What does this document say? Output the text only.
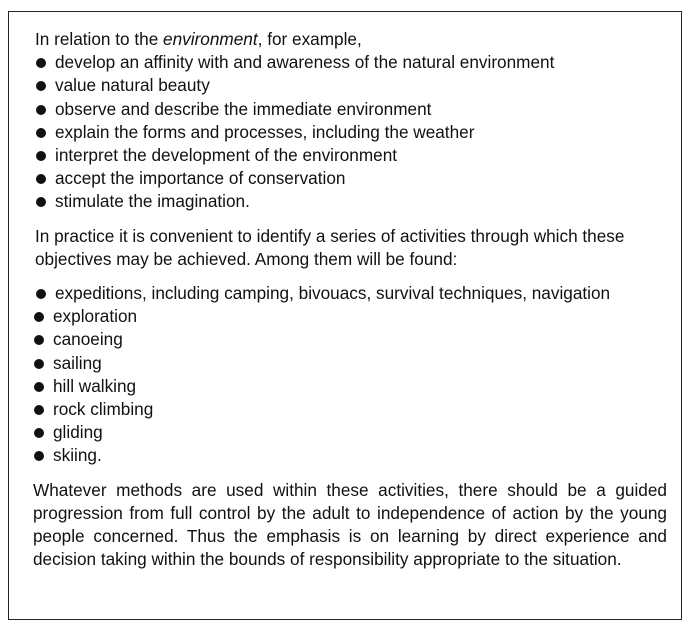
In relation to the environment, for example,

develop an affinity with and awareness of the natural environment
value natural beauty
observe and describe the immediate environment
explain the forms and processes, including the weather
interpret the development of the environment
accept the importance of conservation
stimulate the imagination.

In practice it is convenient to identify a series of activities through which these objectives may be achieved. Among them will be found:

expeditions, including camping, bivouacs, survival techniques, navigation
exploration
canoeing
sailing
hill walking
rock climbing
gliding
skiing.

Whatever methods are used within these activities, there should be a guided progression from full control by the adult to independence of action by the young people concerned. Thus the emphasis is on learning by direct experience and decision taking within the bounds of responsibility appropriate to the situation.
